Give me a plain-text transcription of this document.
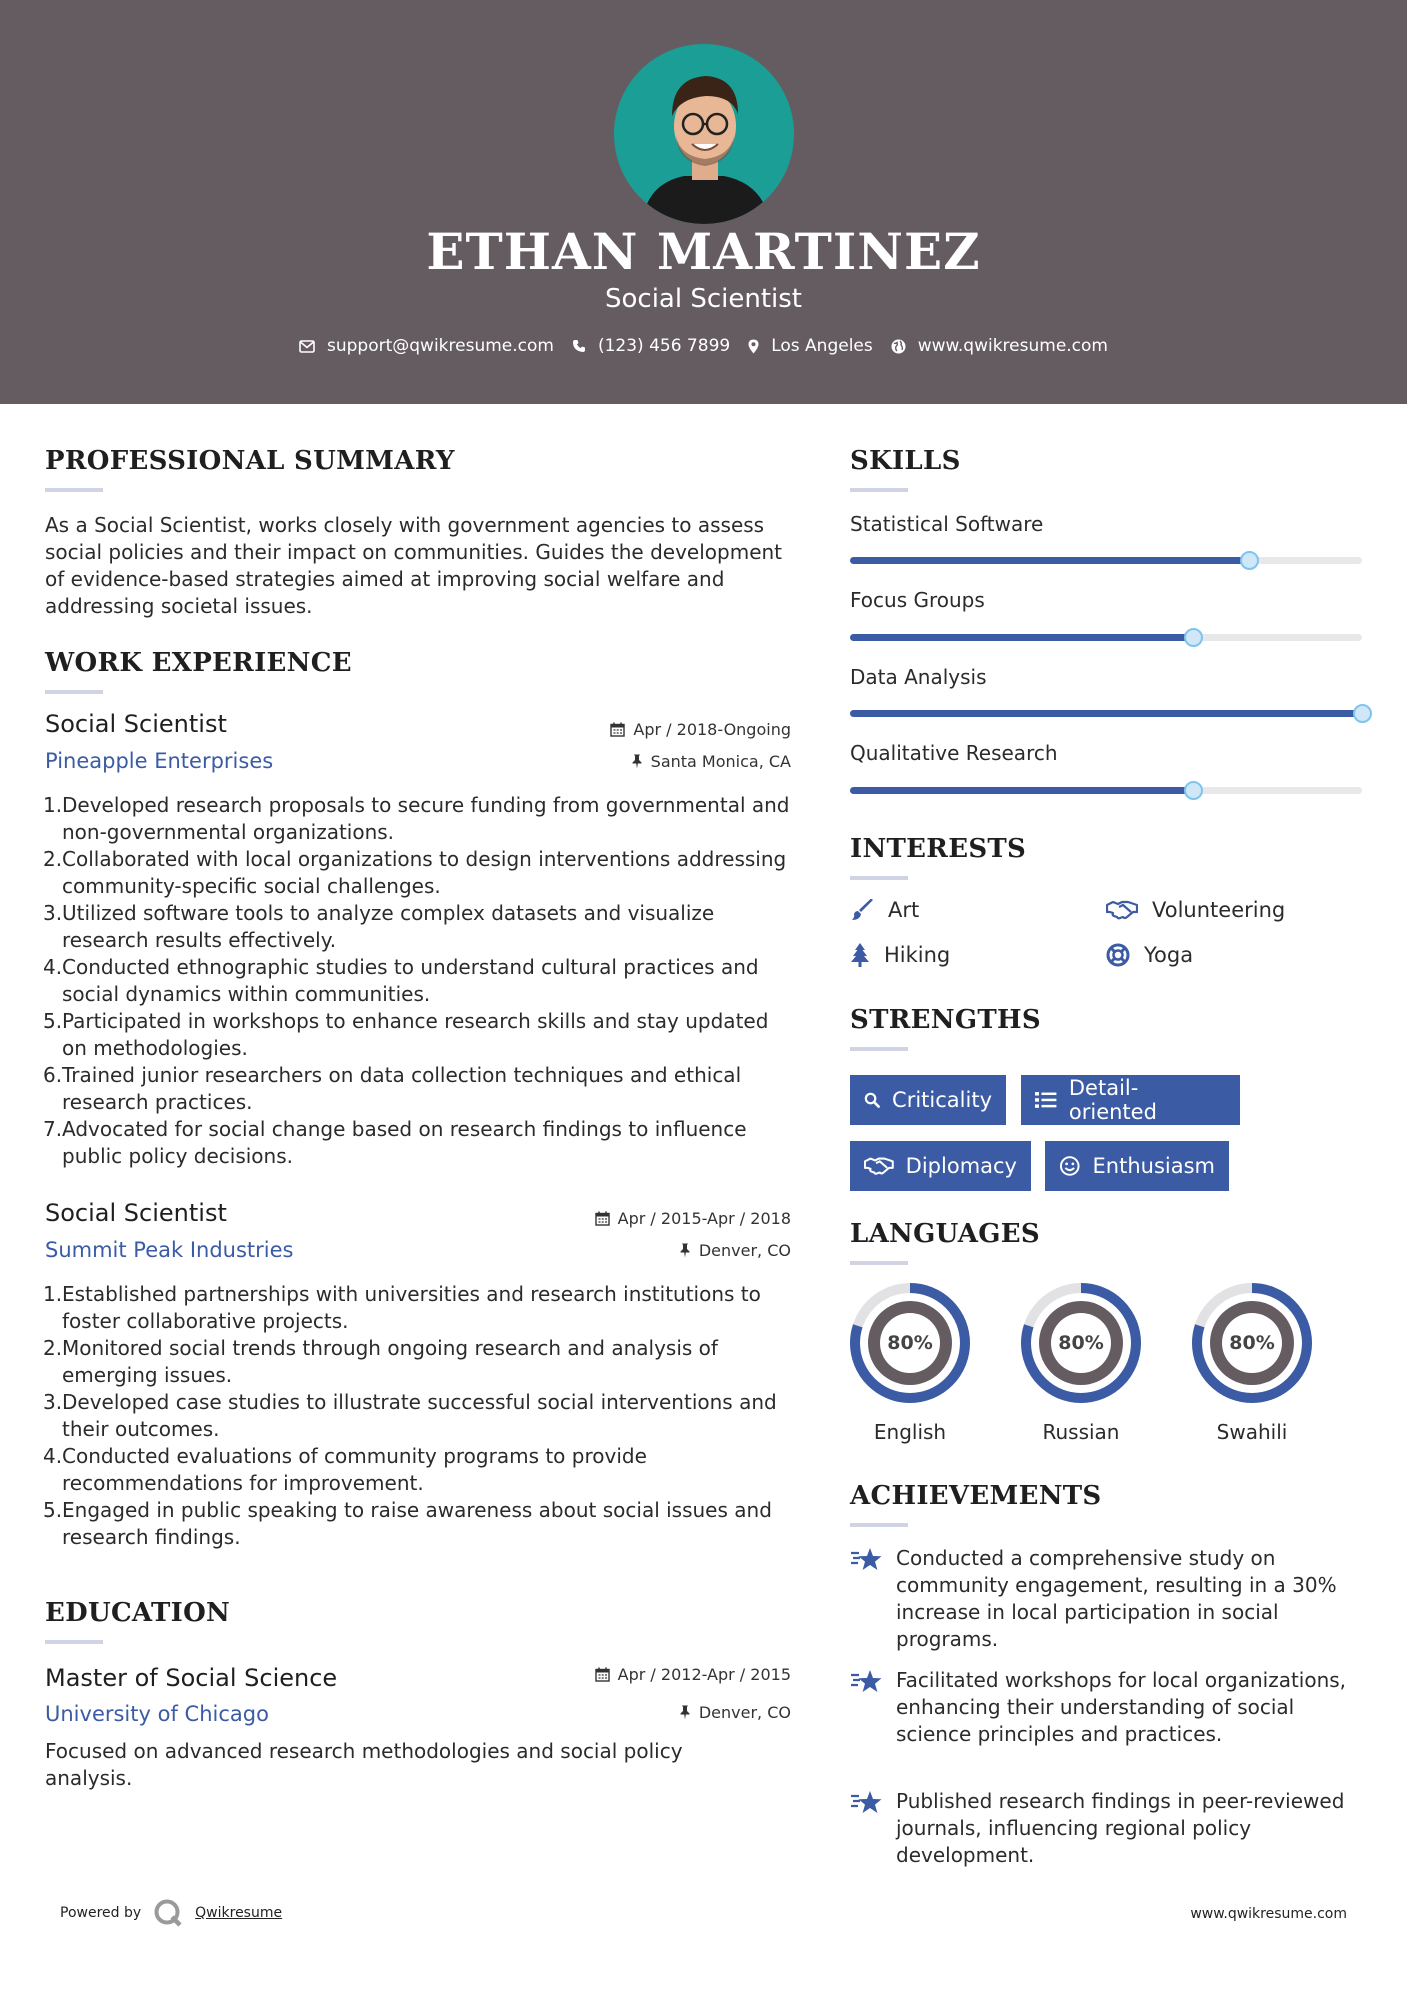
ETHAN MARTINEZ
Social Scientist
support@qwikresume.com	(123) 456 7899 Los Angeles	www.qwikresume.com
PROFESSIONAL SUMMARY
As a Social Scientist, works closely with government agencies to assess social policies and their impact on communities. Guides the development of evidence-based strategies aimed at improving social welfare and addressing societal issues.
WORK EXPERIENCE
Social Scientist	Apr / 2018-Ongoing
Pineapple Enterprises	Santa Monica, CA
1. Developed research proposals to secure funding from governmental and non-governmental organizations.
2. Collaborated with local organizations to design interventions addressing community-specific social challenges.
3. Utilized software tools to analyze complex datasets and visualize research results effectively.
4. Conducted ethnographic studies to understand cultural practices and social dynamics within communities.
5. Participated in workshops to enhance research skills and stay updated on methodologies.
6. Trained junior researchers on data collection techniques and ethical research practices.
7. Advocated for social change based on research findings to influence public policy decisions.
Social Scientist	Apr / 2015-Apr / 2018
Summit Peak Industries	Denver, CO
1. Established partnerships with universities and research institutions to foster collaborative projects.
2. Monitored social trends through ongoing research and analysis of emerging issues.
3. Developed case studies to illustrate successful social interventions and their outcomes.
4. Conducted evaluations of community programs to provide recommendations for improvement.
5. Engaged in public speaking to raise awareness about social issues and research findings.
EDUCATION
Master of Social Science	Apr / 2012-Apr / 2015
University of Chicago	Denver, CO
Focused on advanced research methodologies and social policy analysis.
SKILLS
Statistical Software
Focus Groups
Data Analysis
Qualitative Research
INTERESTS
Art	Volunteering
Hiking	Yoga
STRENGTHS
Criticality	Detail-oriented
Diplomacy	Enthusiasm
LANGUAGES
80%
English
80%
Russian
80%
Swahili
ACHIEVEMENTS
Conducted a comprehensive study on community engagement, resulting in a 30% increase in local participation in social programs.
Facilitated workshops for local organizations, enhancing their understanding of social science principles and practices.
Published research findings in peer-reviewed journals, influencing regional policy development.
Powered by	Qwikresume	www.qwikresume.com
